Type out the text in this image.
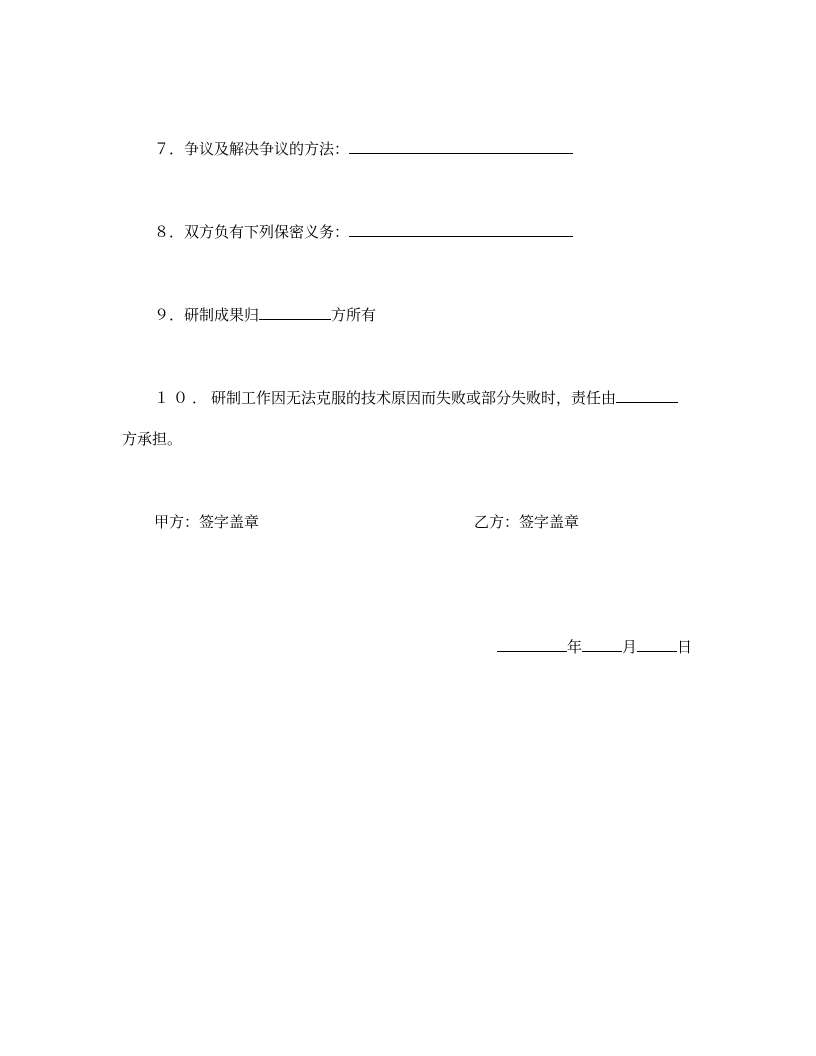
７．争议及解决争议的方法：
８．双方负有下列保密义务：
９．研制成果归	方所有
１０．研制工作因无法克服的技术原因而失败或部分失败时，责任由
方承担。
甲方：签字盖章	乙方：签字盖章
年	月	日
